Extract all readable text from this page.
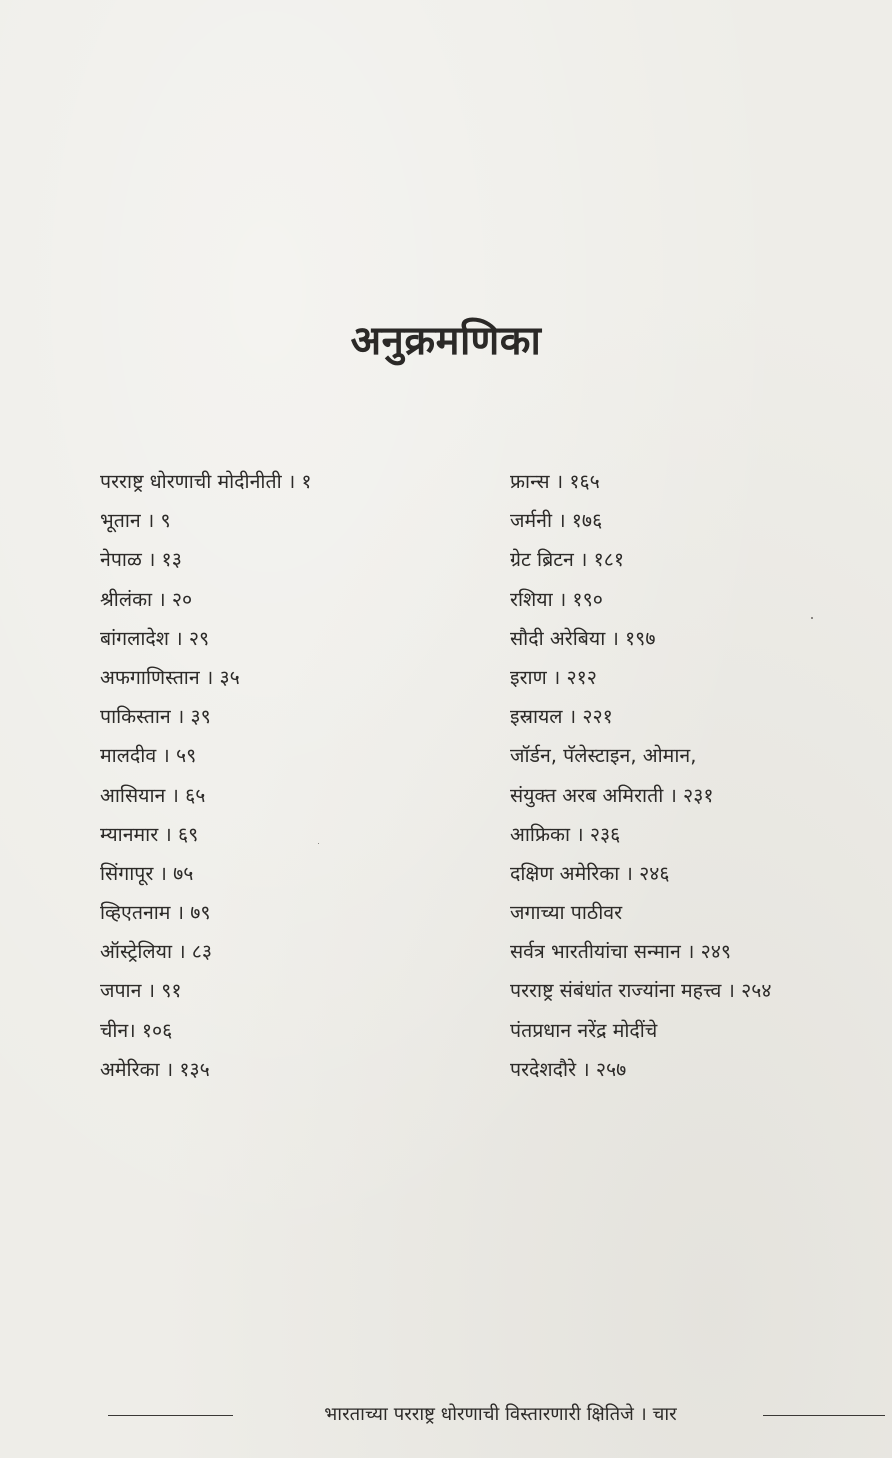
अनुक्रमणिका
परराष्ट्र धोरणाची मोदीनीती । १
भूतान । ९
नेपाळ । १३
श्रीलंका । २०
बांगलादेश । २९
अफगाणिस्तान । ३५
पाकिस्तान । ३९
मालदीव । ५९
आसियान । ६५
म्यानमार । ६९
सिंगापूर । ७५
व्हिएतनाम । ७९
ऑस्ट्रेलिया । ८३
जपान । ९१
चीन। १०६
अमेरिका । १३५
फ्रान्स । १६५
जर्मनी । १७६
ग्रेट ब्रिटन । १८१
रशिया । १९०
सौदी अरेबिया । १९७
इराण । २१२
इस्रायल । २२१
जॉर्डन, पॅलेस्टाइन, ओमान,
संयुक्त अरब अमिराती । २३१
आफ्रिका । २३६
दक्षिण अमेरिका । २४६
जगाच्या पाठीवर
सर्वत्र भारतीयांचा सन्मान । २४९
परराष्ट्र संबंधांत राज्यांना महत्त्व । २५४
पंतप्रधान नरेंद्र मोदींचे
परदेशदौरे । २५७
भारताच्या परराष्ट्र धोरणाची विस्तारणारी क्षितिजे । चार
